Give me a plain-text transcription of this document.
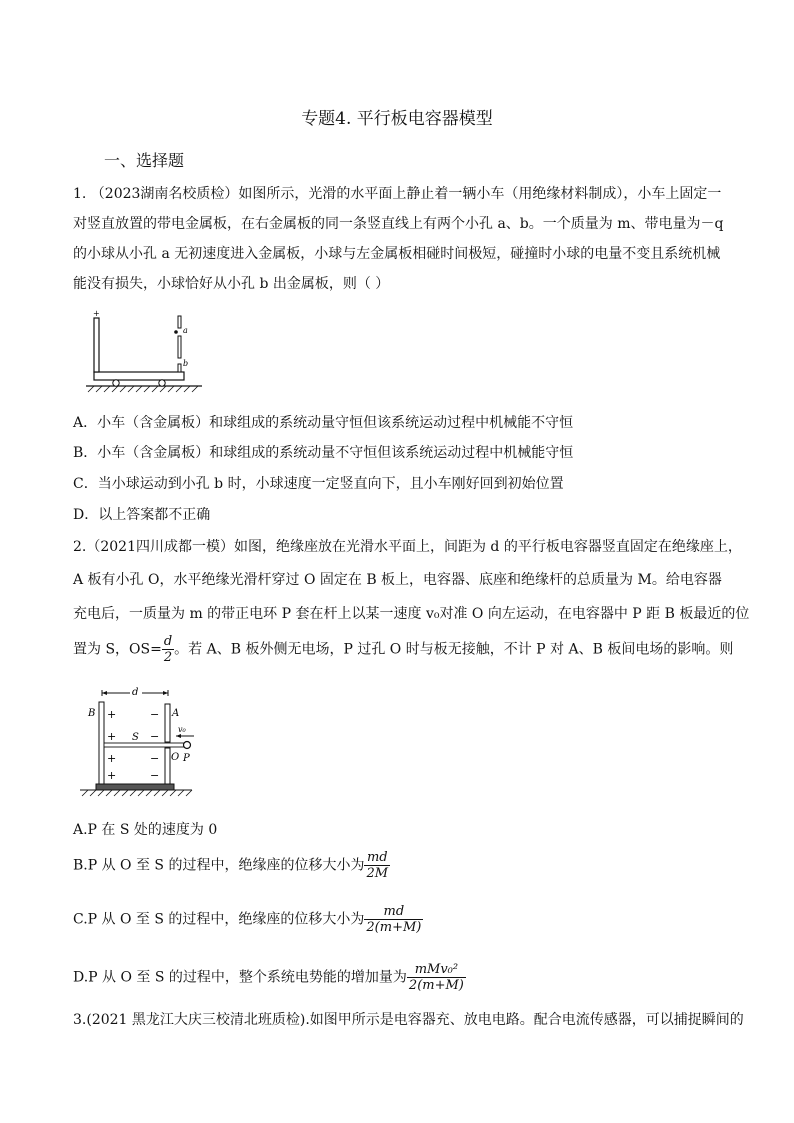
专题4. 平行板电容器模型
一、选择题
1. （2023湖南名校质检）如图所示，光滑的水平面上静止着一辆小车（用绝缘材料制成），小车上固定一
对竖直放置的带电金属板，在右金属板的同一条竖直线上有两个小孔 a、b。一个质量为 m、带电量为－q
的小球从小孔 a 无初速度进入金属板，小球与左金属板相碰时间极短，碰撞时小球的电量不变且系统机械
能没有损失，小球恰好从小孔 b 出金属板，则（ ）
+
a
b
A．小车（含金属板）和球组成的系统动量守恒但该系统运动过程中机械能不守恒
B．小车（含金属板）和球组成的系统动量不守恒但该系统运动过程中机械能守恒
C．当小球运动到小孔 b 时，小球速度一定竖直向下，且小车刚好回到初始位置
D．以上答案都不正确
2.（2021四川成都一模）如图，绝缘座放在光滑水平面上，间距为 d 的平行板电容器竖直固定在绝缘座上，
A 板有小孔 O，水平绝缘光滑杆穿过 O 固定在 B 板上，电容器、底座和绝缘杆的总质量为 M。给电容器
充电后，一质量为 m 的带正电环 P 套在杆上以某一速度 v₀对准 O 向左运动，在电容器中 P 距 B 板最近的位
置为 S，$OS= \frac{d}{2}$ 。若 A、B 板外侧无电场，P 过孔 O 时与板无接触，不计 P 对 A、B 板间电场的影响。则
d
B +
+
+
+
A
−
−
−
−
S
O P
v₀
A.P 在 S 处的速度为 0
B.P 从 O 至 S 的过程中，绝缘座的位移大小为 $\frac{md}{2M}$
C.P 从 O 至 S 的过程中，绝缘座的位移大小为 $\frac{md}{2(m+M)}$
D.P 从 O 至 S 的过程中，整个系统电势能的增加量为 $\frac{\text{mMv₀²}}{2(m+M)}$
3.(2021 黑龙江大庆三校清北班质检).如图甲所示是电容器充、放电电路。配合电流传感器，可以捕捉瞬间的
